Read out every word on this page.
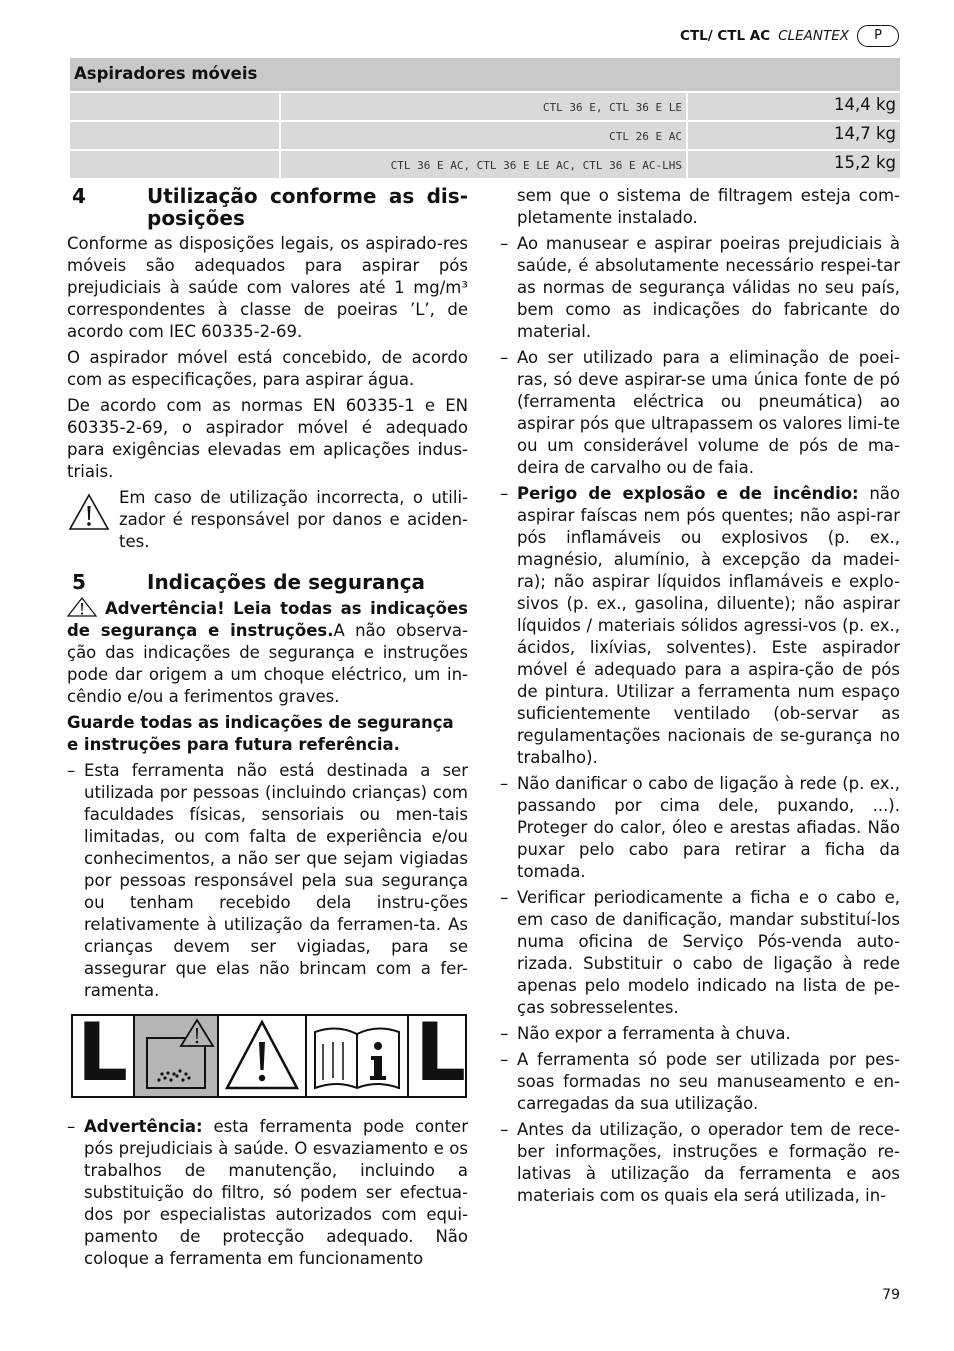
CTL/ CTL AC CLEANTEX	P
Aspiradores móveis
CTL 36 E, CTL 36 E LE	14,4 kg
CTL 26 E AC	14,7 kg
CTL 36 E AC, CTL 36 E LE AC, CTL 36 E AC-LHS	15,2 kg
4	Utilização conforme as dis-posições

Conforme as disposições legais, os aspirado-res móveis são adequados para aspirar pós prejudiciais à saúde com valores até 1 mg/m³ correspondentes à classe de poeiras ’L’, de acordo com IEC 60335-2-69.

O aspirador móvel está concebido, de acordo com as especificações, para aspirar água.

De acordo com as normas EN 60335-1 e EN 60335-2-69, o aspirador móvel é adequado para exigências elevadas em aplicações indus-triais.

Em caso de utilização incorrecta, o utili-zador é responsável por danos e aciden-tes.

5	Indicações de segurança

Advertência! Leia todas as indicações de segurança e instruções.A não observa-ção das indicações de segurança e instruções pode dar origem a um choque eléctrico, um in-cêndio e/ou a ferimentos graves.

Guarde todas as indicações de segurança e instruções para futura referência.

– Esta ferramenta não está destinada a ser utilizada por pessoas (incluindo crianças) com faculdades físicas, sensoriais ou men-tais limitadas, ou com falta de experiência e/ou conhecimentos, a não ser que sejam vigiadas por pessoas responsável pela sua segurança ou tenham recebido dela instru-ções relativamente à utilização da ferramen-ta. As crianças devem ser vigiadas, para se assegurar que elas não brincam com a fer-ramenta.
L	L
– Advertência: esta ferramenta pode conter pós prejudiciais à saúde. O esvaziamento e os trabalhos de manutenção, incluindo a substituição do filtro, só podem ser efectua-dos por especialistas autorizados com equi-pamento de protecção adequado. Não coloque a ferramenta em funcionamento
sem que o sistema de filtragem esteja com-pletamente instalado.
– Ao manusear e aspirar poeiras prejudiciais à saúde, é absolutamente necessário respei-tar as normas de segurança válidas no seu país, bem como as indicações do fabricante do material.
– Ao ser utilizado para a eliminação de poei-ras, só deve aspirar-se uma única fonte de pó (ferramenta eléctrica ou pneumática) ao aspirar pós que ultrapassem os valores limi-te ou um considerável volume de pós de ma-deira de carvalho ou de faia.
– Perigo de explosão e de incêndio: não aspirar faíscas nem pós quentes; não aspi-rar pós inflamáveis ou explosivos (p. ex., magnésio, alumínio, à excepção da madei-ra); não aspirar líquidos inflamáveis e explo-sivos (p. ex., gasolina, diluente); não aspirar líquidos / materiais sólidos agressi-vos (p. ex., ácidos, lixívias, solventes). Este aspirador móvel é adequado para a aspira-ção de pós de pintura. Utilizar a ferramenta num espaço suficientemente ventilado (ob-servar as regulamentações nacionais de se-gurança no trabalho).
– Não danificar o cabo de ligação à rede (p. ex., passando por cima dele, puxando, ...). Proteger do calor, óleo e arestas afiadas. Não puxar pelo cabo para retirar a ficha da tomada.
– Verificar periodicamente a ficha e o cabo e, em caso de danificação, mandar substituí-los numa oficina de Serviço Pós-venda auto-rizada. Substituir o cabo de ligação à rede apenas pelo modelo indicado na lista de pe-ças sobresselentes.
– Não expor a ferramenta à chuva.
– A ferramenta só pode ser utilizada por pes-soas formadas no seu manuseamento e en-carregadas da sua utilização.
– Antes da utilização, o operador tem de rece-ber informações, instruções e formação re-lativas à utilização da ferramenta e aos materiais com os quais ela será utilizada, in-
79
